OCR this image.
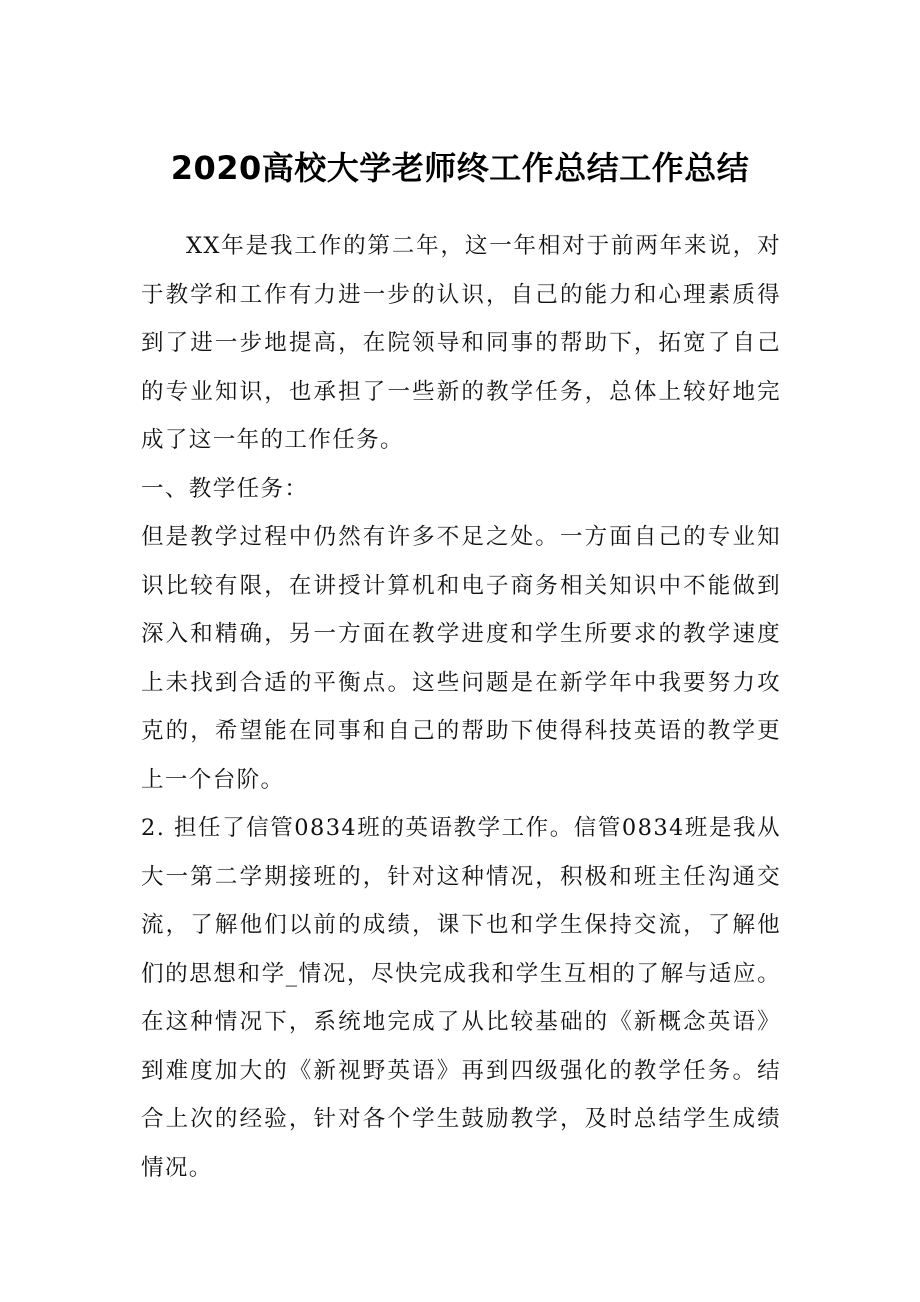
2020高校大学老师终工作总结工作总结

XX年是我工作的第二年，这一年相对于前两年来说，对于教学和工作有力进一步的认识，自己的能力和心理素质得到了进一步地提高，在院领导和同事的帮助下，拓宽了自己的专业知识，也承担了一些新的教学任务，总体上较好地完成了这一年的工作任务。

一、教学任务：

但是教学过程中仍然有许多不足之处。一方面自己的专业知识比较有限，在讲授计算机和电子商务相关知识中不能做到深入和精确，另一方面在教学进度和学生所要求的教学速度上未找到合适的平衡点。这些问题是在新学年中我要努力攻克的，希望能在同事和自己的帮助下使得科技英语的教学更上一个台阶。

2. 担任了信管0834班的英语教学工作。信管0834班是我从大一第二学期接班的，针对这种情况，积极和班主任沟通交流，了解他们以前的成绩，课下也和学生保持交流，了解他们的思想和学_情况，尽快完成我和学生互相的了解与适应。在这种情况下，系统地完成了从比较基础的《新概念英语》到难度加大的《新视野英语》再到四级强化的教学任务。结合上次的经验，针对各个学生鼓励教学，及时总结学生成绩情况。
